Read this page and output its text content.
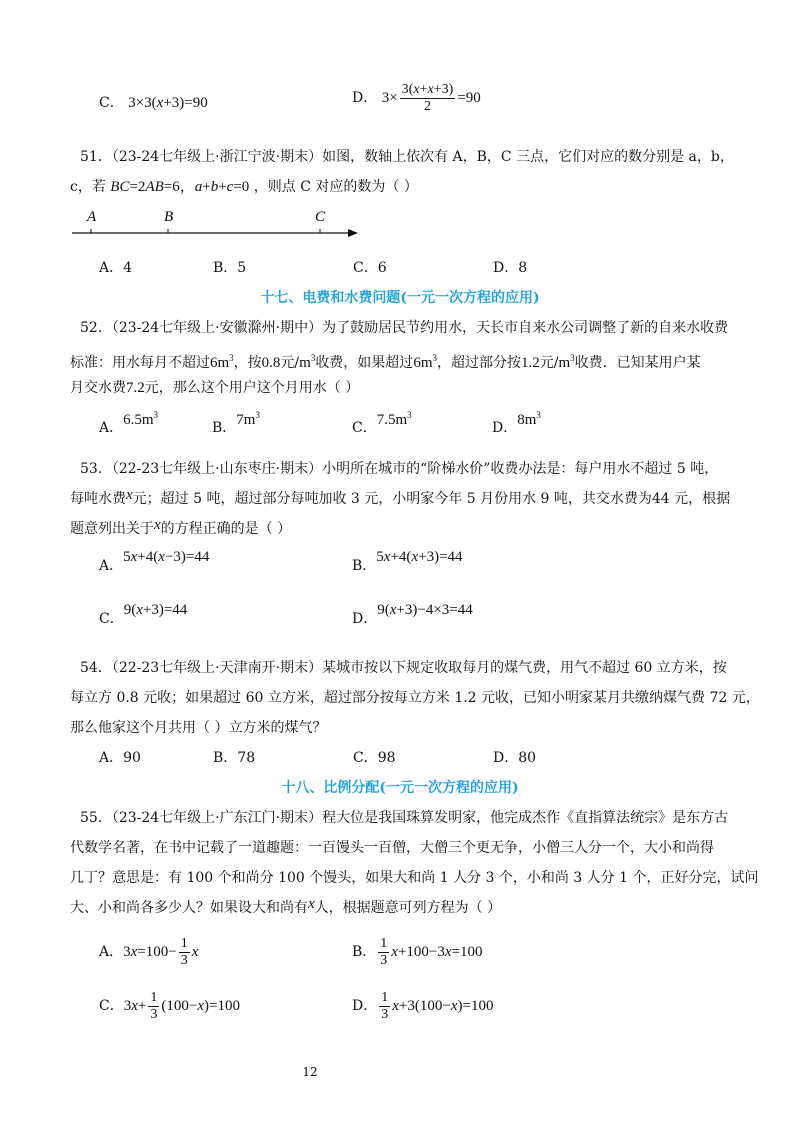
C． 3×3(x+3)=90	D． $3\times \frac{3(x+x+3)}{2} =90$
51．（23-24七年级上·浙江宁波·期末）如图，数轴上依次有 A，B，C 三点，它们对应的数分别是 a，b，
c，若 BC=2AB=6，a+b+c=0 ，则点 C 对应的数为（ ）
A	B	C
A．4	B．5	C．6	D．8
十七、电费和水费问题(一元一次方程的应用)
52．（23-24七年级上·安徽滁州·期中）为了鼓励居民节约用水，天长市自来水公司调整了新的自来水收费
标准：用水每月不超过$6m^3$，按0.8元$/m^3$收费，如果超过$6m^3$，超过部分按1.2元$/m^3$收费．已知某用户某
月交水费7.2元，那么这个用户这个月用水（ ）
A．$6.5m^3$
B．$7m^3$
C．$7.5m^3$
D．$8m^3$
53．（22-23七年级上·山东枣庄·期末）小明所在城市的“阶梯水价”收费办法是：每户用水不超过 5 吨，
每吨水费x元；超过 5 吨，超过部分每吨加收 3 元，小明家今年 5 月份用水 9 吨，共交水费为44 元，根据
题意列出关于x的方程正确的是（ ）
A．5x+4(x−3)=44
B．5x+4(x+3)=44
C．9(x+3)=44
D．9(x+3)−4×3=44
54．（22-23七年级上·天津南开·期末）某城市按以下规定收取每月的煤气费，用气不超过 60 立方米，按
每立方 0.8 元收；如果超过 60 立方米，超过部分按每立方米 1.2 元收，已知小明家某月共缴纳煤气费 72 元，
那么他家这个月共用（ ）立方米的煤气？
A．90	B．78	C．98	D．80
十八、比例分配(一元一次方程的应用)
55．（23-24七年级上·广东江门·期末）程大位是我国珠算发明家，他完成杰作《直指算法统宗》是东方古
代数学名著，在书中记载了一道趣题：一百馒头一百僧，大僧三个更无争，小僧三人分一个，大小和尚得
几丁？意思是：有 100 个和尚分 100 个馒头，如果大和尚 1 人分 3 个，小和尚 3 人分 1 个，正好分完，试问
大、小和尚各多少人？如果设大和尚有x人，根据题意可列方程为（ ）
A．$3x=100- \frac{1}{3}$ x	B． $\frac{1}{3} x+100-3x=100$
C．$3x+ \frac{1}{3} (100-x)=100$	D． $\frac{1}{3} x+3(100-x)=100$
12
